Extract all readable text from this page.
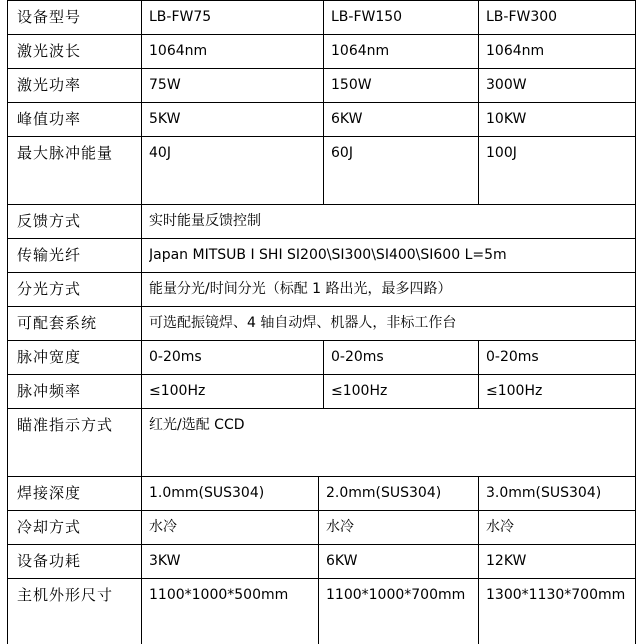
设备型号	LB-FW75	LB-FW150	LB-FW300
激光波长	1064nm	1064nm	1064nm
激光功率	75W	150W	300W
峰值功率	5KW	6KW	10KW
最大脉冲能量	40J	60J	100J
反馈方式	实时能量反馈控制
传输光纤	Japan MITSUB I SHI SI200\SI300\SI400\SI600 L=5m
分光方式	能量分光/时间分光（标配 1 路出光，最多四路）
可配套系统	可选配振镜焊、4 轴自动焊、机器人，非标工作台
脉冲宽度	0-20ms	0-20ms	0-20ms
脉冲频率	≤100Hz	≤100Hz	≤100Hz
瞄准指示方式	红光/选配 CCD
焊接深度	1.0mm(SUS304)	2.0mm(SUS304)	3.0mm(SUS304)
冷却方式	水冷	水冷	水冷
设备功耗	3KW	6KW	12KW
主机外形尺寸	1100*1000*500mm	1100*1000*700mm	1300*1130*700mm
